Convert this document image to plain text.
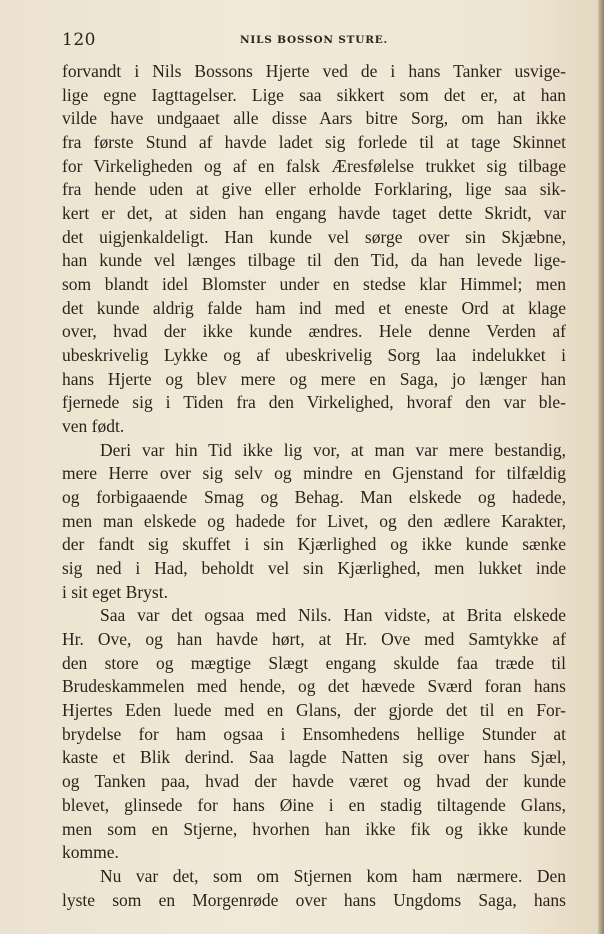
120	NILS BOSSON STURE.
forvandt i Nils Bossons Hjerte ved de i hans Tanker usvige-
lige egne Iagttagelser. Lige saa sikkert som det er, at han
vilde have undgaaet alle disse Aars bitre Sorg, om han ikke
fra første Stund af havde ladet sig forlede til at tage Skinnet
for Virkeligheden og af en falsk Æresfølelse trukket sig tilbage
fra hende uden at give eller erholde Forklaring, lige saa sik-
kert er det, at siden han engang havde taget dette Skridt, var
det uigjenkaldeligt. Han kunde vel sørge over sin Skjæbne,
han kunde vel længes tilbage til den Tid, da han levede lige-
som blandt idel Blomster under en stedse klar Himmel; men
det kunde aldrig falde ham ind med et eneste Ord at klage
over, hvad der ikke kunde ændres. Hele denne Verden af
ubeskrivelig Lykke og af ubeskrivelig Sorg laa indelukket i
hans Hjerte og blev mere og mere en Saga, jo længer han
fjernede sig i Tiden fra den Virkelighed, hvoraf den var ble-
ven født.
Deri var hin Tid ikke lig vor, at man var mere bestandig,
mere Herre over sig selv og mindre en Gjenstand for tilfældig
og forbigaaende Smag og Behag. Man elskede og hadede,
men man elskede og hadede for Livet, og den ædlere Karakter,
der fandt sig skuffet i sin Kjærlighed og ikke kunde sænke
sig ned i Had, beholdt vel sin Kjærlighed, men lukket inde
i sit eget Bryst.
Saa var det ogsaa med Nils. Han vidste, at Brita elskede
Hr. Ove, og han havde hørt, at Hr. Ove med Samtykke af
den store og mægtige Slægt engang skulde faa træde til
Brudeskammelen med hende, og det hævede Sværd foran hans
Hjertes Eden luede med en Glans, der gjorde det til en For-
brydelse for ham ogsaa i Ensomhedens hellige Stunder at
kaste et Blik derind. Saa lagde Natten sig over hans Sjæl,
og Tanken paa, hvad der havde været og hvad der kunde
blevet, glinsede for hans Øine i en stadig tiltagende Glans,
men som en Stjerne, hvorhen han ikke fik og ikke kunde
komme.
Nu var det, som om Stjernen kom ham nærmere. Den
lyste som en Morgenrøde over hans Ungdoms Saga, hans
